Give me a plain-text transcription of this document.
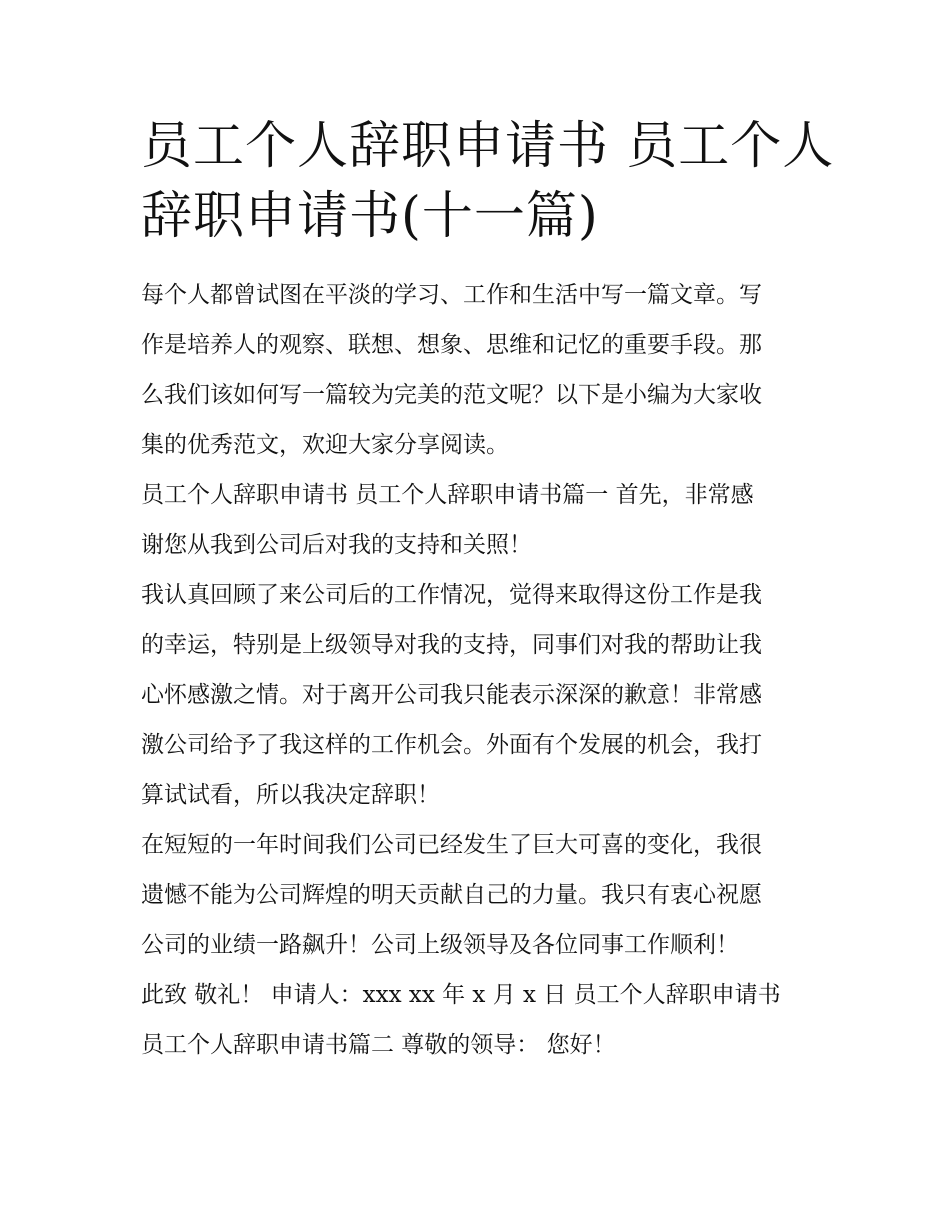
员工个人辞职申请书 员工个人
辞职申请书(十一篇)

每个人都曾试图在平淡的学习、工作和生活中写一篇文章。写
作是培养人的观察、联想、想象、思维和记忆的重要手段。那
么我们该如何写一篇较为完美的范文呢？以下是小编为大家收
集的优秀范文，欢迎大家分享阅读。

员工个人辞职申请书 员工个人辞职申请书篇一 首先，非常感
谢您从我到公司后对我的支持和关照！

我认真回顾了来公司后的工作情况，觉得来取得这份工作是我
的幸运，特别是上级领导对我的支持，同事们对我的帮助让我
心怀感激之情。对于离开公司我只能表示深深的歉意！非常感
激公司给予了我这样的工作机会。外面有个发展的机会，我打
算试试看，所以我决定辞职！

在短短的一年时间我们公司已经发生了巨大可喜的变化，我很
遗憾不能为公司辉煌的明天贡献自己的力量。我只有衷心祝愿
公司的业绩一路飙升！公司上级领导及各位同事工作顺利！

此致 敬礼！ 申请人：xxx xx 年 x 月 x 日 员工个人辞职申请书
员工个人辞职申请书篇二 尊敬的领导： 您好！
